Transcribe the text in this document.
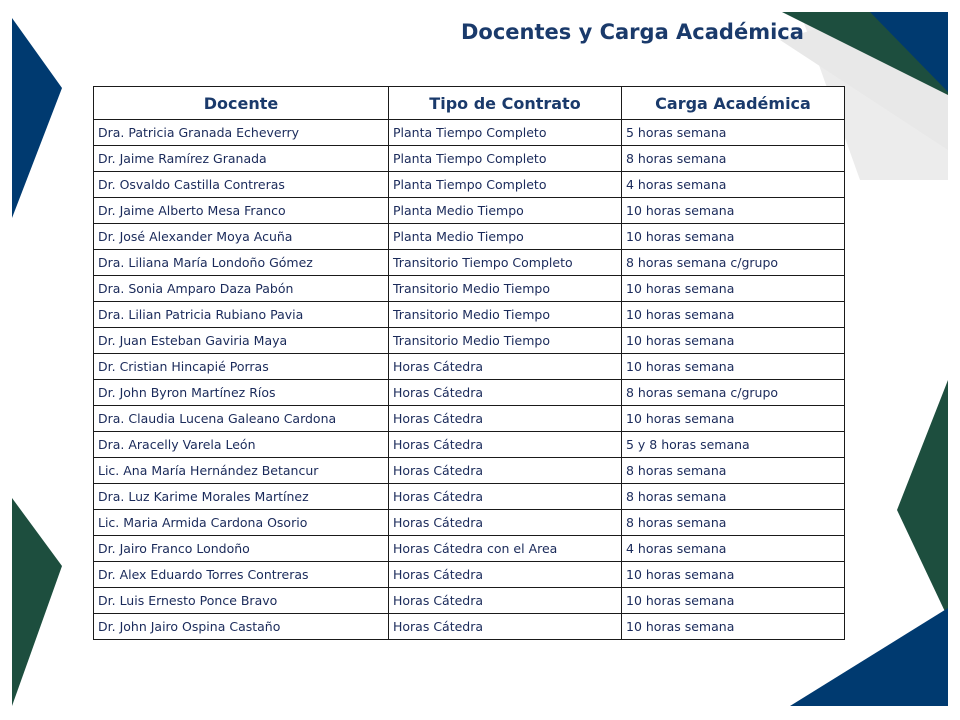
Docentes y Carga Académica
Docente	Tipo de Contrato	Carga Académica
Dra. Patricia Granada Echeverry	Planta Tiempo Completo	5 horas semana
Dr. Jaime Ramírez Granada	Planta Tiempo Completo	8 horas semana
Dr. Osvaldo Castilla Contreras	Planta Tiempo Completo	4 horas semana
Dr. Jaime Alberto Mesa Franco	Planta Medio Tiempo	10 horas semana
Dr. José Alexander Moya Acuña	Planta Medio Tiempo	10 horas semana
Dra. Liliana María Londoño Gómez	Transitorio Tiempo Completo	8 horas semana c/grupo
Dra. Sonia Amparo Daza Pabón	Transitorio Medio Tiempo	10 horas semana
Dra. Lilian Patricia Rubiano Pavia	Transitorio Medio Tiempo	10 horas semana
Dr. Juan Esteban Gaviria Maya	Transitorio Medio Tiempo	10 horas semana
Dr. Cristian Hincapié Porras	Horas Cátedra	10 horas semana
Dr. John Byron Martínez Ríos	Horas Cátedra	8 horas semana c/grupo
Dra. Claudia Lucena Galeano Cardona	Horas Cátedra	10 horas semana
Dra. Aracelly Varela León	Horas Cátedra	5 y 8 horas semana
Lic. Ana María Hernández Betancur	Horas Cátedra	8 horas semana
Dra. Luz Karime Morales Martínez	Horas Cátedra	8 horas semana
Lic. Maria Armida Cardona Osorio	Horas Cátedra	8 horas semana
Dr. Jairo Franco Londoño	Horas Cátedra con el Area	4 horas semana
Dr. Alex Eduardo Torres Contreras	Horas Cátedra	10 horas semana
Dr. Luis Ernesto Ponce Bravo	Horas Cátedra	10 horas semana
Dr. John Jairo Ospina Castaño	Horas Cátedra	10 horas semana
